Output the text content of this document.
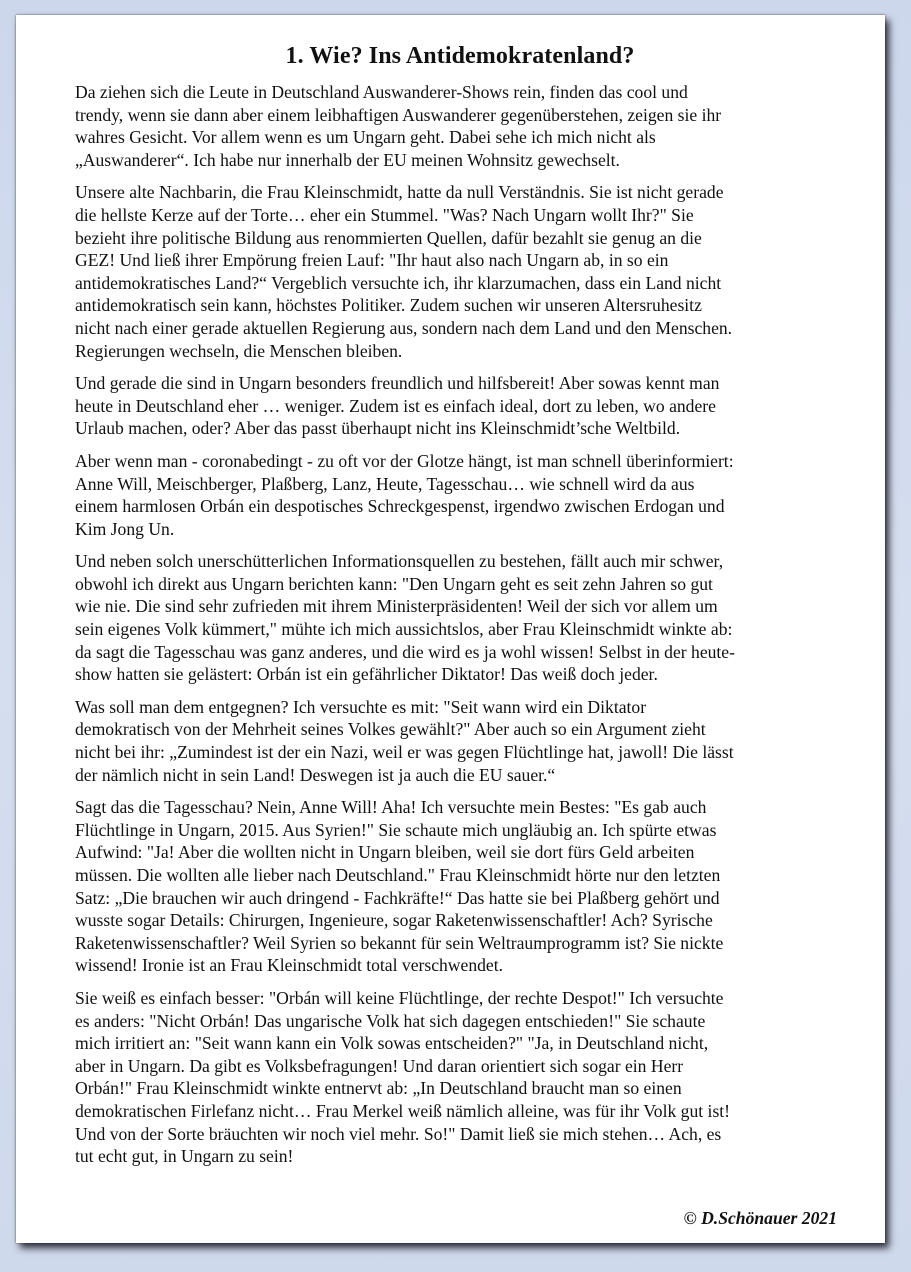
1. Wie? Ins Antidemokratenland?

Da ziehen sich die Leute in Deutschland Auswanderer-Shows rein, finden das cool und
trendy, wenn sie dann aber einem leibhaftigen Auswanderer gegenüberstehen, zeigen sie ihr
wahres Gesicht. Vor allem wenn es um Ungarn geht. Dabei sehe ich mich nicht als
„Auswanderer“. Ich habe nur innerhalb der EU meinen Wohnsitz gewechselt.

Unsere alte Nachbarin, die Frau Kleinschmidt, hatte da null Verständnis. Sie ist nicht gerade
die hellste Kerze auf der Torte… eher ein Stummel. "Was? Nach Ungarn wollt Ihr?" Sie
bezieht ihre politische Bildung aus renommierten Quellen, dafür bezahlt sie genug an die
GEZ! Und ließ ihrer Empörung freien Lauf: "Ihr haut also nach Ungarn ab, in so ein
antidemokratisches Land?“ Vergeblich versuchte ich, ihr klarzumachen, dass ein Land nicht
antidemokratisch sein kann, höchstes Politiker. Zudem suchen wir unseren Altersruhesitz
nicht nach einer gerade aktuellen Regierung aus, sondern nach dem Land und den Menschen.
Regierungen wechseln, die Menschen bleiben.

Und gerade die sind in Ungarn besonders freundlich und hilfsbereit! Aber sowas kennt man
heute in Deutschland eher … weniger. Zudem ist es einfach ideal, dort zu leben, wo andere
Urlaub machen, oder? Aber das passt überhaupt nicht ins Kleinschmidt’sche Weltbild.

Aber wenn man - coronabedingt - zu oft vor der Glotze hängt, ist man schnell überinformiert:
Anne Will, Meischberger, Plaßberg, Lanz, Heute, Tagesschau… wie schnell wird da aus
einem harmlosen Orbán ein despotisches Schreckgespenst, irgendwo zwischen Erdogan und
Kim Jong Un.

Und neben solch unerschütterlichen Informationsquellen zu bestehen, fällt auch mir schwer,
obwohl ich direkt aus Ungarn berichten kann: "Den Ungarn geht es seit zehn Jahren so gut
wie nie. Die sind sehr zufrieden mit ihrem Ministerpräsidenten! Weil der sich vor allem um
sein eigenes Volk kümmert," mühte ich mich aussichtslos, aber Frau Kleinschmidt winkte ab:
da sagt die Tagesschau was ganz anderes, und die wird es ja wohl wissen! Selbst in der heute-
show hatten sie gelästert: Orbán ist ein gefährlicher Diktator! Das weiß doch jeder.

Was soll man dem entgegnen? Ich versuchte es mit: "Seit wann wird ein Diktator
demokratisch von der Mehrheit seines Volkes gewählt?" Aber auch so ein Argument zieht
nicht bei ihr: „Zumindest ist der ein Nazi, weil er was gegen Flüchtlinge hat, jawoll! Die lässt
der nämlich nicht in sein Land! Deswegen ist ja auch die EU sauer.“

Sagt das die Tagesschau? Nein, Anne Will! Aha! Ich versuchte mein Bestes: "Es gab auch
Flüchtlinge in Ungarn, 2015. Aus Syrien!" Sie schaute mich ungläubig an. Ich spürte etwas
Aufwind: "Ja! Aber die wollten nicht in Ungarn bleiben, weil sie dort fürs Geld arbeiten
müssen. Die wollten alle lieber nach Deutschland." Frau Kleinschmidt hörte nur den letzten
Satz: „Die brauchen wir auch dringend - Fachkräfte!“ Das hatte sie bei Plaßberg gehört und
wusste sogar Details: Chirurgen, Ingenieure, sogar Raketenwissenschaftler! Ach? Syrische
Raketenwissenschaftler? Weil Syrien so bekannt für sein Weltraumprogramm ist? Sie nickte
wissend! Ironie ist an Frau Kleinschmidt total verschwendet.

Sie weiß es einfach besser: "Orbán will keine Flüchtlinge, der rechte Despot!" Ich versuchte
es anders: "Nicht Orbán! Das ungarische Volk hat sich dagegen entschieden!" Sie schaute
mich irritiert an: "Seit wann kann ein Volk sowas entscheiden?" "Ja, in Deutschland nicht,
aber in Ungarn. Da gibt es Volksbefragungen! Und daran orientiert sich sogar ein Herr
Orbán!" Frau Kleinschmidt winkte entnervt ab: „In Deutschland braucht man so einen
demokratischen Firlefanz nicht… Frau Merkel weiß nämlich alleine, was für ihr Volk gut ist!
Und von der Sorte bräuchten wir noch viel mehr. So!" Damit ließ sie mich stehen… Ach, es
tut echt gut, in Ungarn zu sein!

© D.Schönauer 2021
